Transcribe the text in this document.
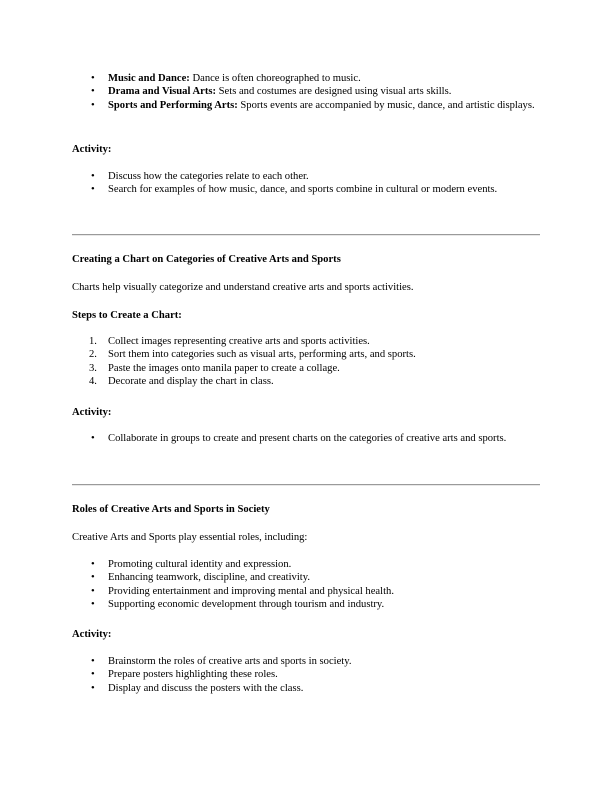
• Music and Dance: Dance is often choreographed to music.
• Drama and Visual Arts: Sets and costumes are designed using visual arts skills.
• Sports and Performing Arts: Sports events are accompanied by music, dance, and artistic displays.

Activity:

• Discuss how the categories relate to each other.
• Search for examples of how music, dance, and sports combine in cultural or modern events.

Creating a Chart on Categories of Creative Arts and Sports

Charts help visually categorize and understand creative arts and sports activities.

Steps to Create a Chart:

1. Collect images representing creative arts and sports activities.
2. Sort them into categories such as visual arts, performing arts, and sports.
3. Paste the images onto manila paper to create a collage.
4. Decorate and display the chart in class.

Activity:

• Collaborate in groups to create and present charts on the categories of creative arts and sports.

Roles of Creative Arts and Sports in Society

Creative Arts and Sports play essential roles, including:

• Promoting cultural identity and expression.
• Enhancing teamwork, discipline, and creativity.
• Providing entertainment and improving mental and physical health.
• Supporting economic development through tourism and industry.

Activity:

• Brainstorm the roles of creative arts and sports in society.
• Prepare posters highlighting these roles.
• Display and discuss the posters with the class.
